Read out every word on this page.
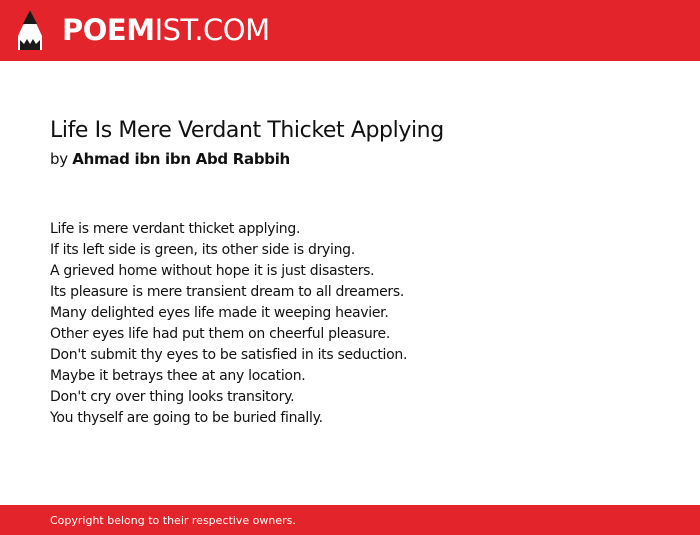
POEMIST.COM
Life Is Mere Verdant Thicket Applying
by Ahmad ibn ibn Abd Rabbih
Life is mere verdant thicket applying.
If its left side is green, its other side is drying.
A grieved home without hope it is just disasters.
Its pleasure is mere transient dream to all dreamers.
Many delighted eyes life made it weeping heavier.
Other eyes life had put them on cheerful pleasure.
Don't submit thy eyes to be satisfied in its seduction.
Maybe it betrays thee at any location.
Don't cry over thing looks transitory.
You thyself are going to be buried finally.
Copyright belong to their respective owners.
